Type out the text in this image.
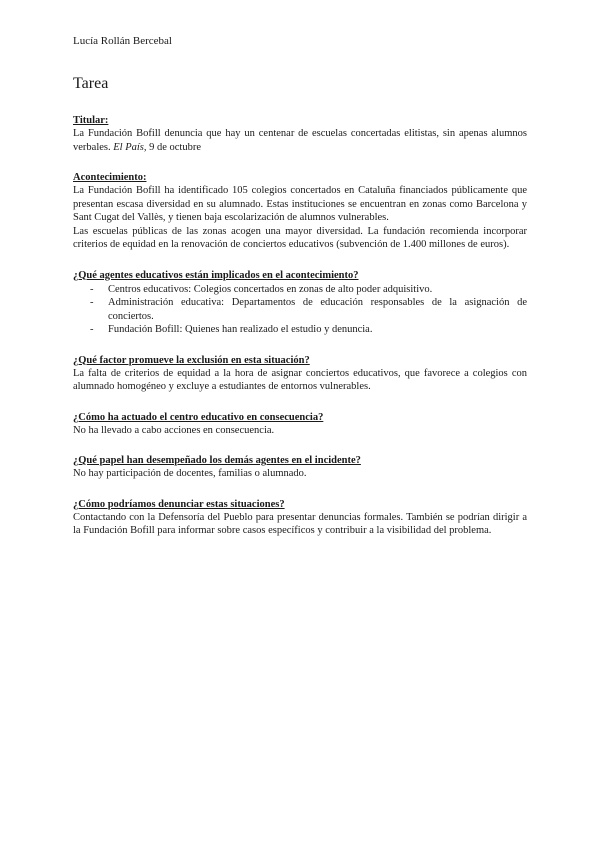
Lucía Rollán Bercebal

Tarea

Titular:

La Fundación Bofill denuncia que hay un centenar de escuelas concertadas elitistas, sin apenas alumnos verbales. El País, 9 de octubre

Acontecimiento:

La Fundación Bofill ha identificado 105 colegios concertados en Cataluña financiados públicamente que presentan escasa diversidad en su alumnado. Estas instituciones se encuentran en zonas como Barcelona y Sant Cugat del Vallès, y tienen baja escolarización de alumnos vulnerables.

Las escuelas públicas de las zonas acogen una mayor diversidad. La fundación recomienda incorporar criterios de equidad en la renovación de conciertos educativos (subvención de 1.400 millones de euros).

¿Qué agentes educativos están implicados en el acontecimiento?

- Centros educativos: Colegios concertados en zonas de alto poder adquisitivo.
- Administración educativa: Departamentos de educación responsables de la asignación de conciertos.
- Fundación Bofill: Quienes han realizado el estudio y denuncia.

¿Qué factor promueve la exclusión en esta situación?

La falta de criterios de equidad a la hora de asignar conciertos educativos, que favorece a colegios con alumnado homogéneo y excluye a estudiantes de entornos vulnerables.

¿Cómo ha actuado el centro educativo en consecuencia?

No ha llevado a cabo acciones en consecuencia.

¿Qué papel han desempeñado los demás agentes en el incidente?

No hay participación de docentes, familias o alumnado.

¿Cómo podríamos denunciar estas situaciones?

Contactando con la Defensoría del Pueblo para presentar denuncias formales. También se podrían dirigir a la Fundación Bofill para informar sobre casos específicos y contribuir a la visibilidad del problema.
